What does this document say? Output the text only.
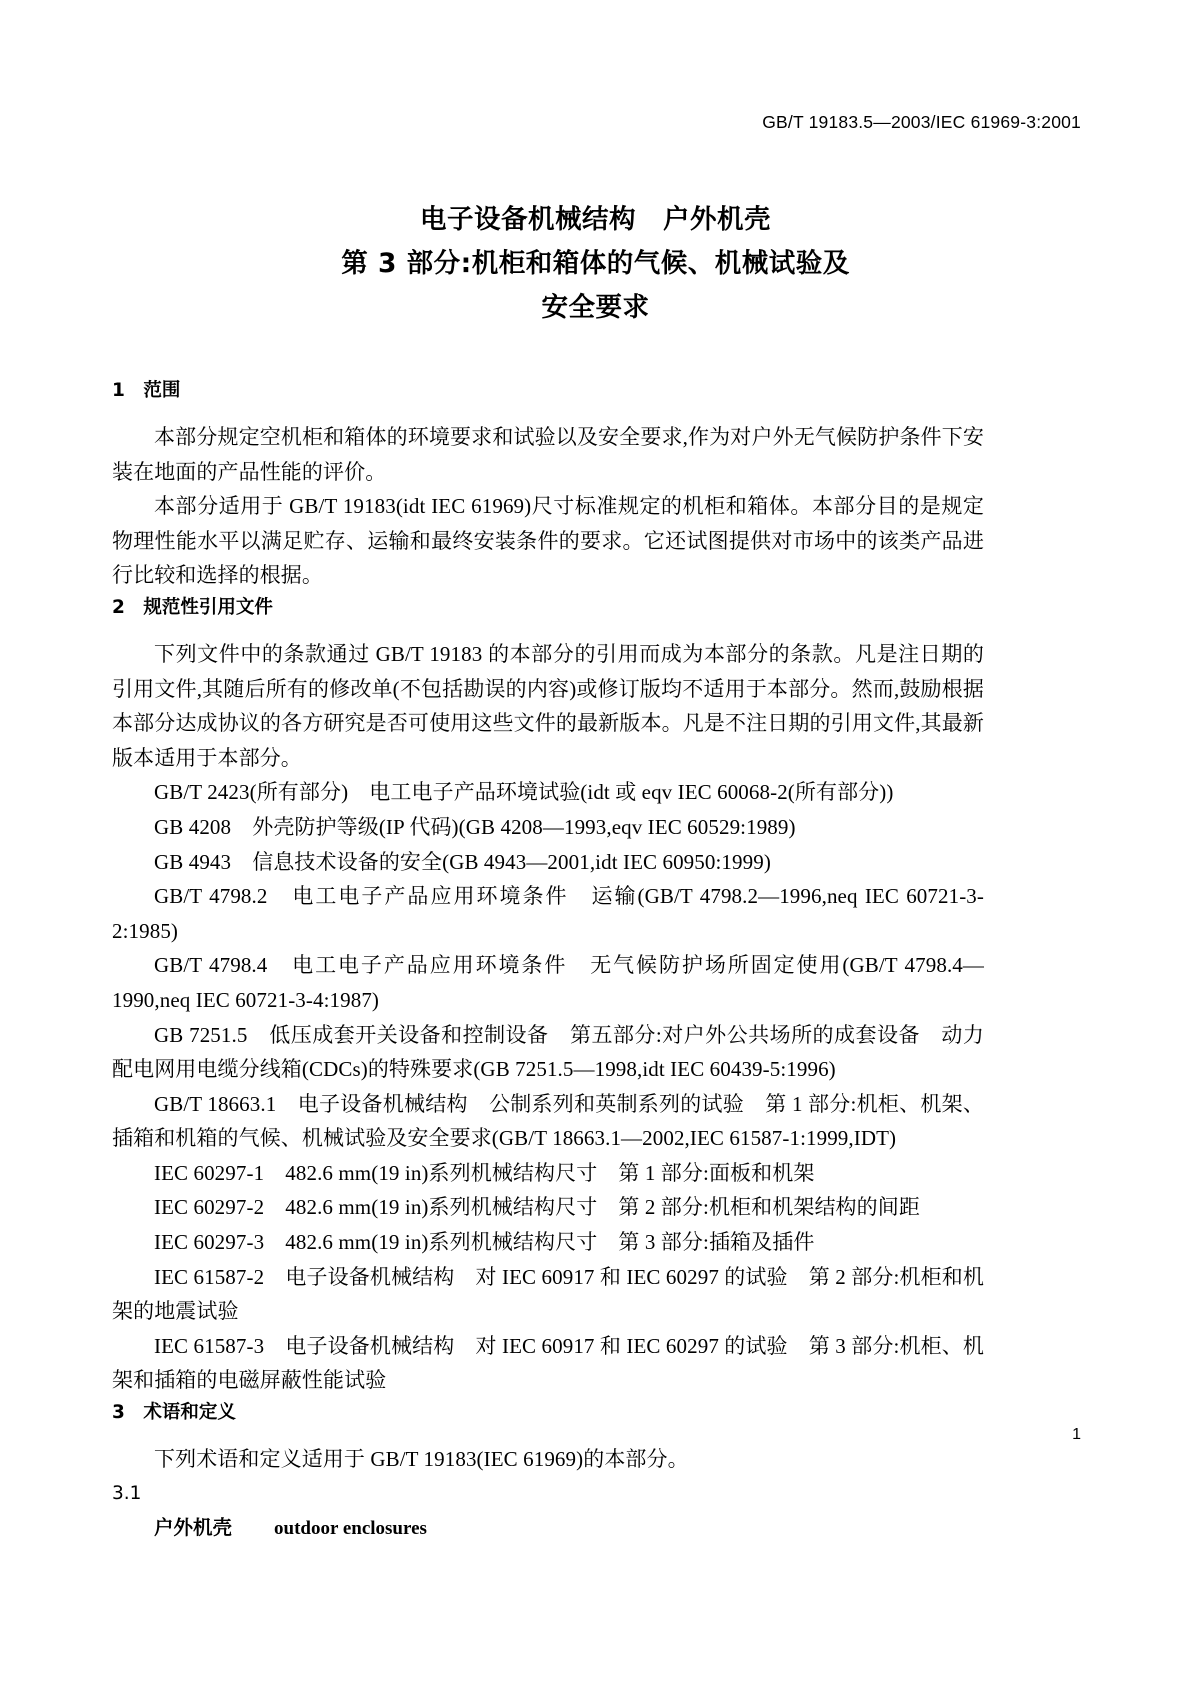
GB/T 19183.5—2003/IEC 61969-3:2001
电子设备机械结构　户外机壳
第 3 部分:机柜和箱体的气候、机械试验及
安全要求
1　范围

本部分规定空机柜和箱体的环境要求和试验以及安全要求,作为对户外无气候防护条件下安装在地面的产品性能的评价。

本部分适用于 GB/T 19183(idt IEC 61969)尺寸标准规定的机柜和箱体。本部分目的是规定物理性能水平以满足贮存、运输和最终安装条件的要求。它还试图提供对市场中的该类产品进行比较和选择的根据。

2　规范性引用文件

下列文件中的条款通过 GB/T 19183 的本部分的引用而成为本部分的条款。凡是注日期的引用文件,其随后所有的修改单(不包括勘误的内容)或修订版均不适用于本部分。然而,鼓励根据本部分达成协议的各方研究是否可使用这些文件的最新版本。凡是不注日期的引用文件,其最新版本适用于本部分。

GB/T 2423(所有部分)　电工电子产品环境试验(idt 或 eqv IEC 60068-2(所有部分))

GB 4208　外壳防护等级(IP 代码)(GB 4208—1993,eqv IEC 60529:1989)

GB 4943　信息技术设备的安全(GB 4943—2001,idt IEC 60950:1999)

GB/T 4798.2　电工电子产品应用环境条件　运输(GB/T 4798.2—1996,neq IEC 60721-3-2:1985)

GB/T 4798.4　电工电子产品应用环境条件　无气候防护场所固定使用(GB/T 4798.4—1990,neq IEC 60721-3-4:1987)

GB 7251.5　低压成套开关设备和控制设备　第五部分:对户外公共场所的成套设备　动力配电网用电缆分线箱(CDCs)的特殊要求(GB 7251.5—1998,idt IEC 60439-5:1996)

GB/T 18663.1　电子设备机械结构　公制系列和英制系列的试验　第 1 部分:机柜、机架、插箱和机箱的气候、机械试验及安全要求(GB/T 18663.1—2002,IEC 61587-1:1999,IDT)

IEC 60297-1　482.6 mm(19 in)系列机械结构尺寸　第 1 部分:面板和机架

IEC 60297-2　482.6 mm(19 in)系列机械结构尺寸　第 2 部分:机柜和机架结构的间距

IEC 60297-3　482.6 mm(19 in)系列机械结构尺寸　第 3 部分:插箱及插件

IEC 61587-2　电子设备机械结构　对 IEC 60917 和 IEC 60297 的试验　第 2 部分:机柜和机架的地震试验

IEC 61587-3　电子设备机械结构　对 IEC 60917 和 IEC 60297 的试验　第 3 部分:机柜、机架和插箱的电磁屏蔽性能试验

3　术语和定义

下列术语和定义适用于 GB/T 19183(IEC 61969)的本部分。

3.1

户外机壳　　 outdoor enclosures

1
